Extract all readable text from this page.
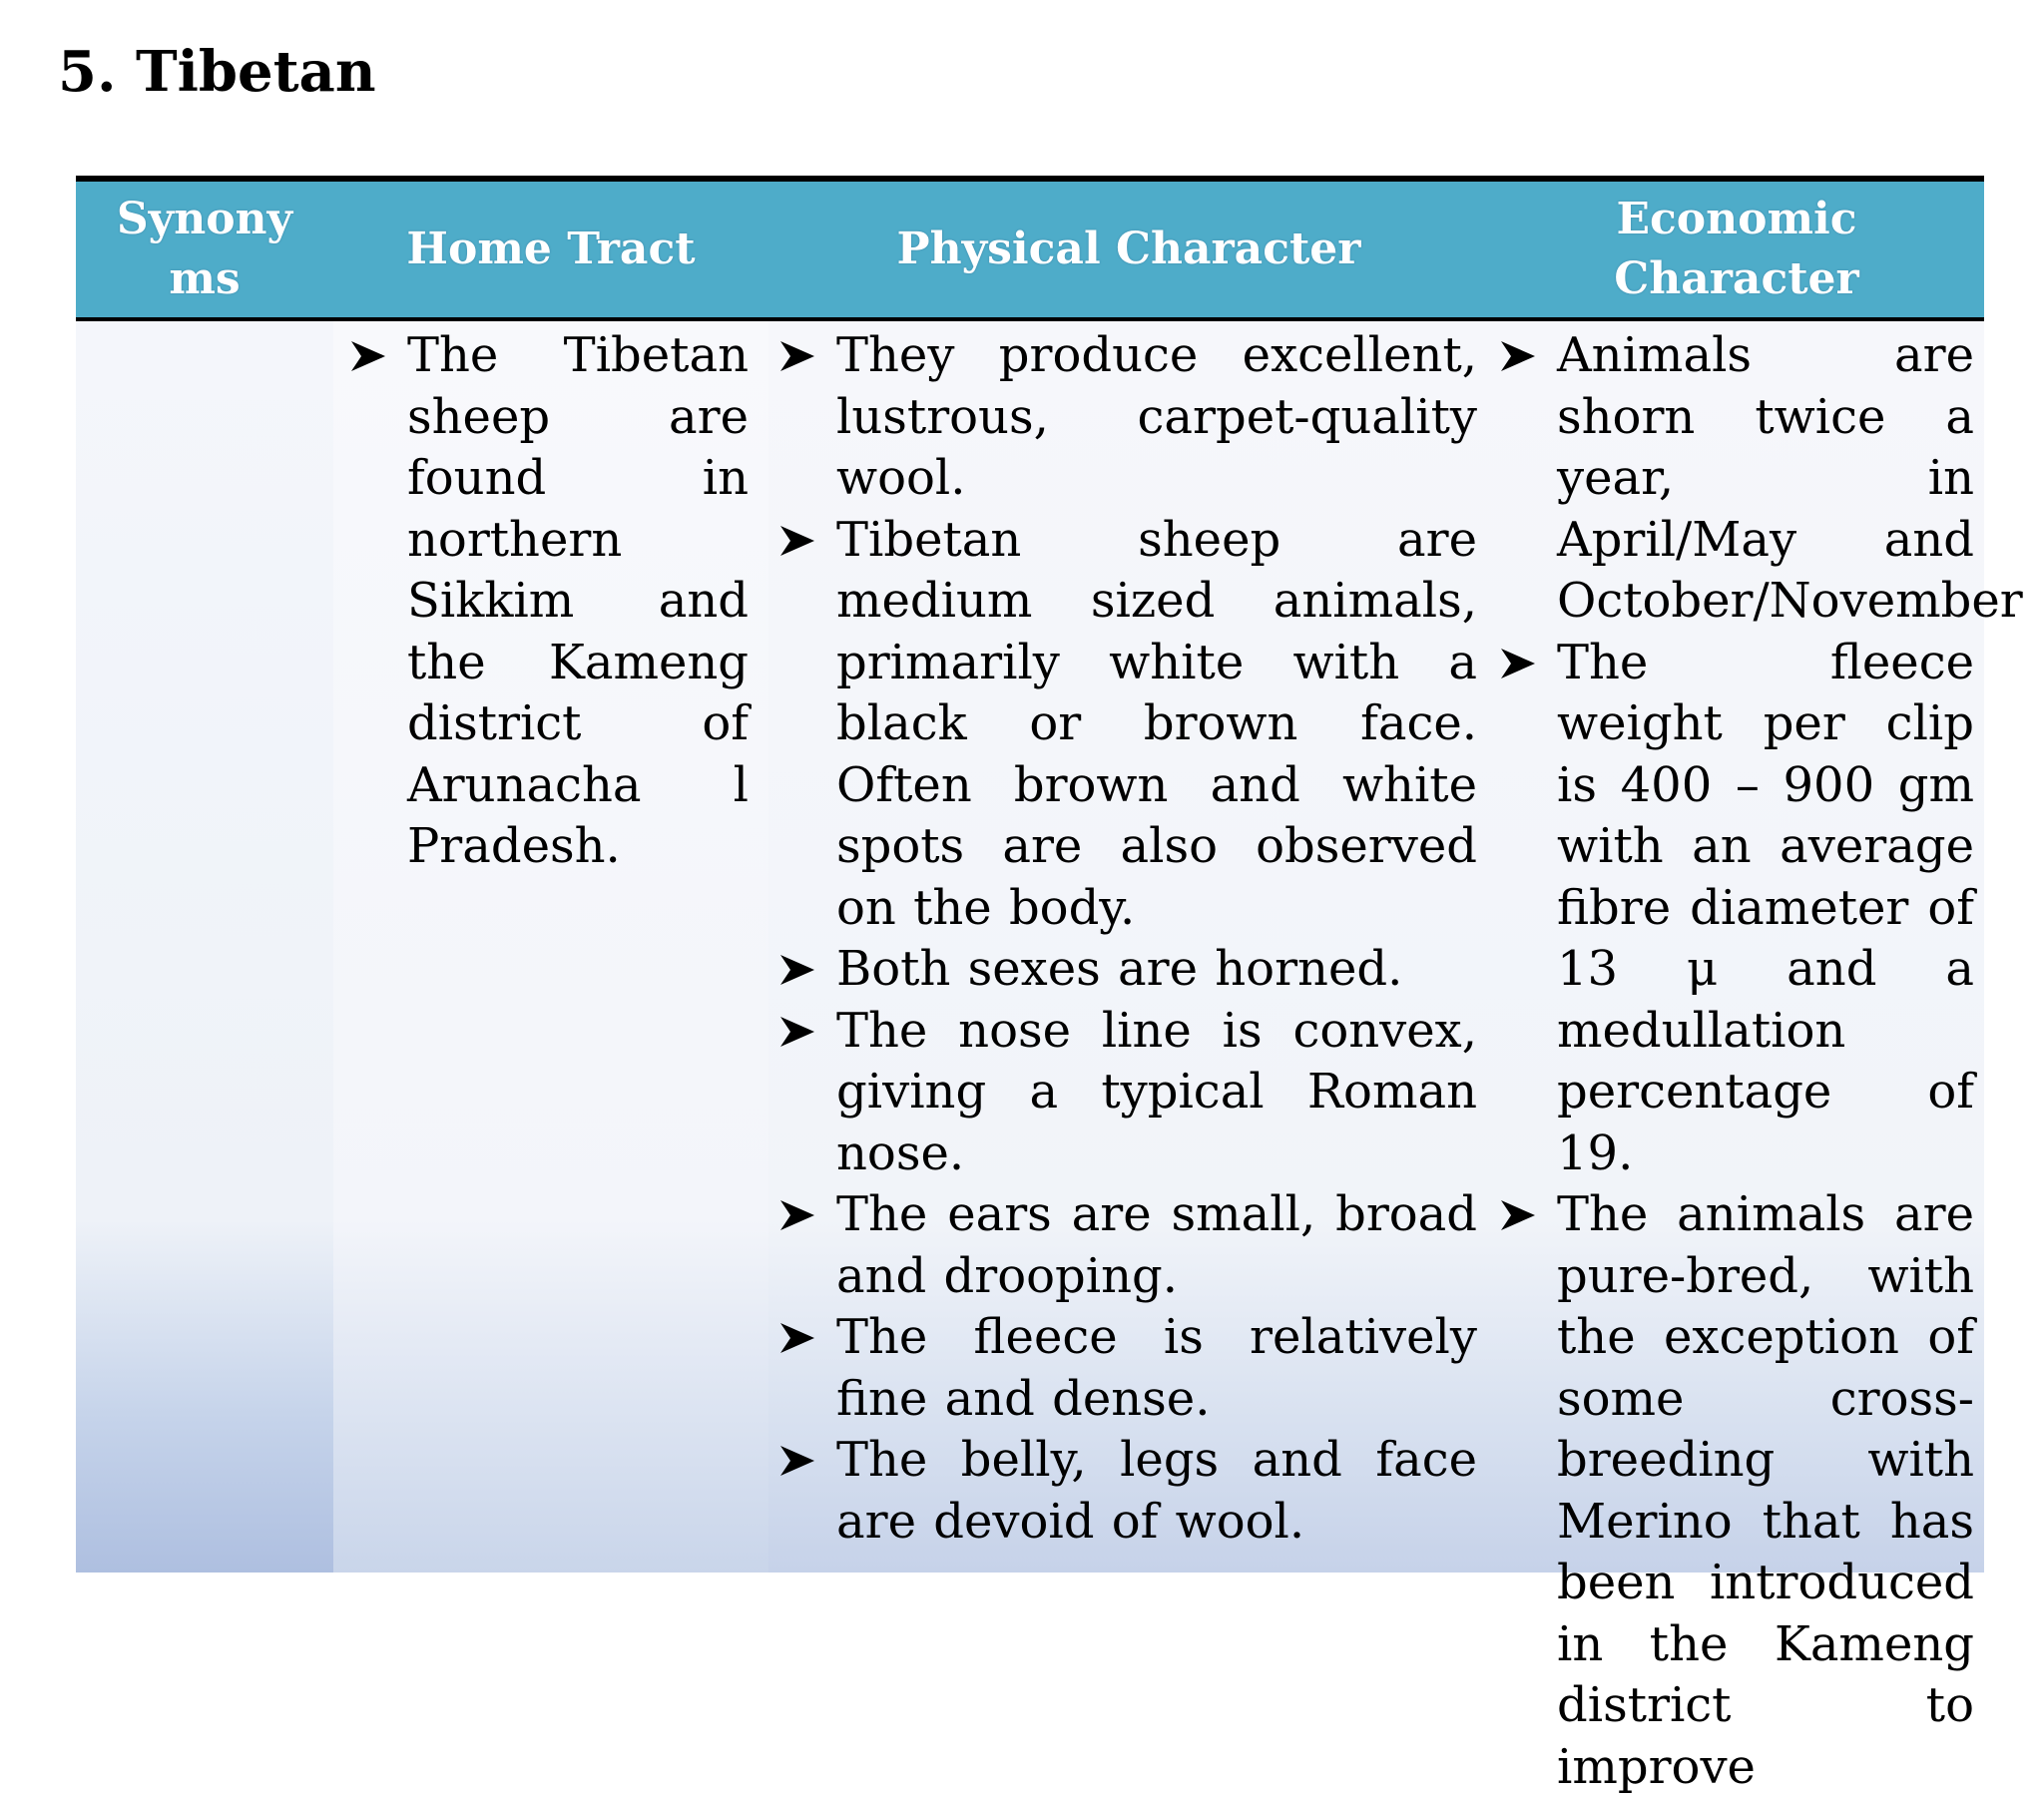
5. Tibetan
Synony
ms
Home Tract	Physical Character
Economic Character
The Tibetan sheep are found in northern Sikkim and the Kameng district of Arunacha l Pradesh.
They produce excellent, lustrous, carpet-quality wool.
Tibetan sheep are medium sized animals, primarily white with a black or brown face. Often brown and white spots are also observed on the body.
Both sexes are horned.
The nose line is convex, giving a typical Roman nose.
The ears are small, broad and drooping.
The fleece is relatively fine and dense.
The belly, legs and face are devoid of wool.
Animals are shorn twice a year, in April/May and October/November
The fleece weight per clip is 400 – 900 gm with an average fibre diameter of 13 μ and a medullation percentage of 19.
The animals are pure-bred, with the exception of some cross-breeding with Merino that has been introduced in the Kameng district to improve
